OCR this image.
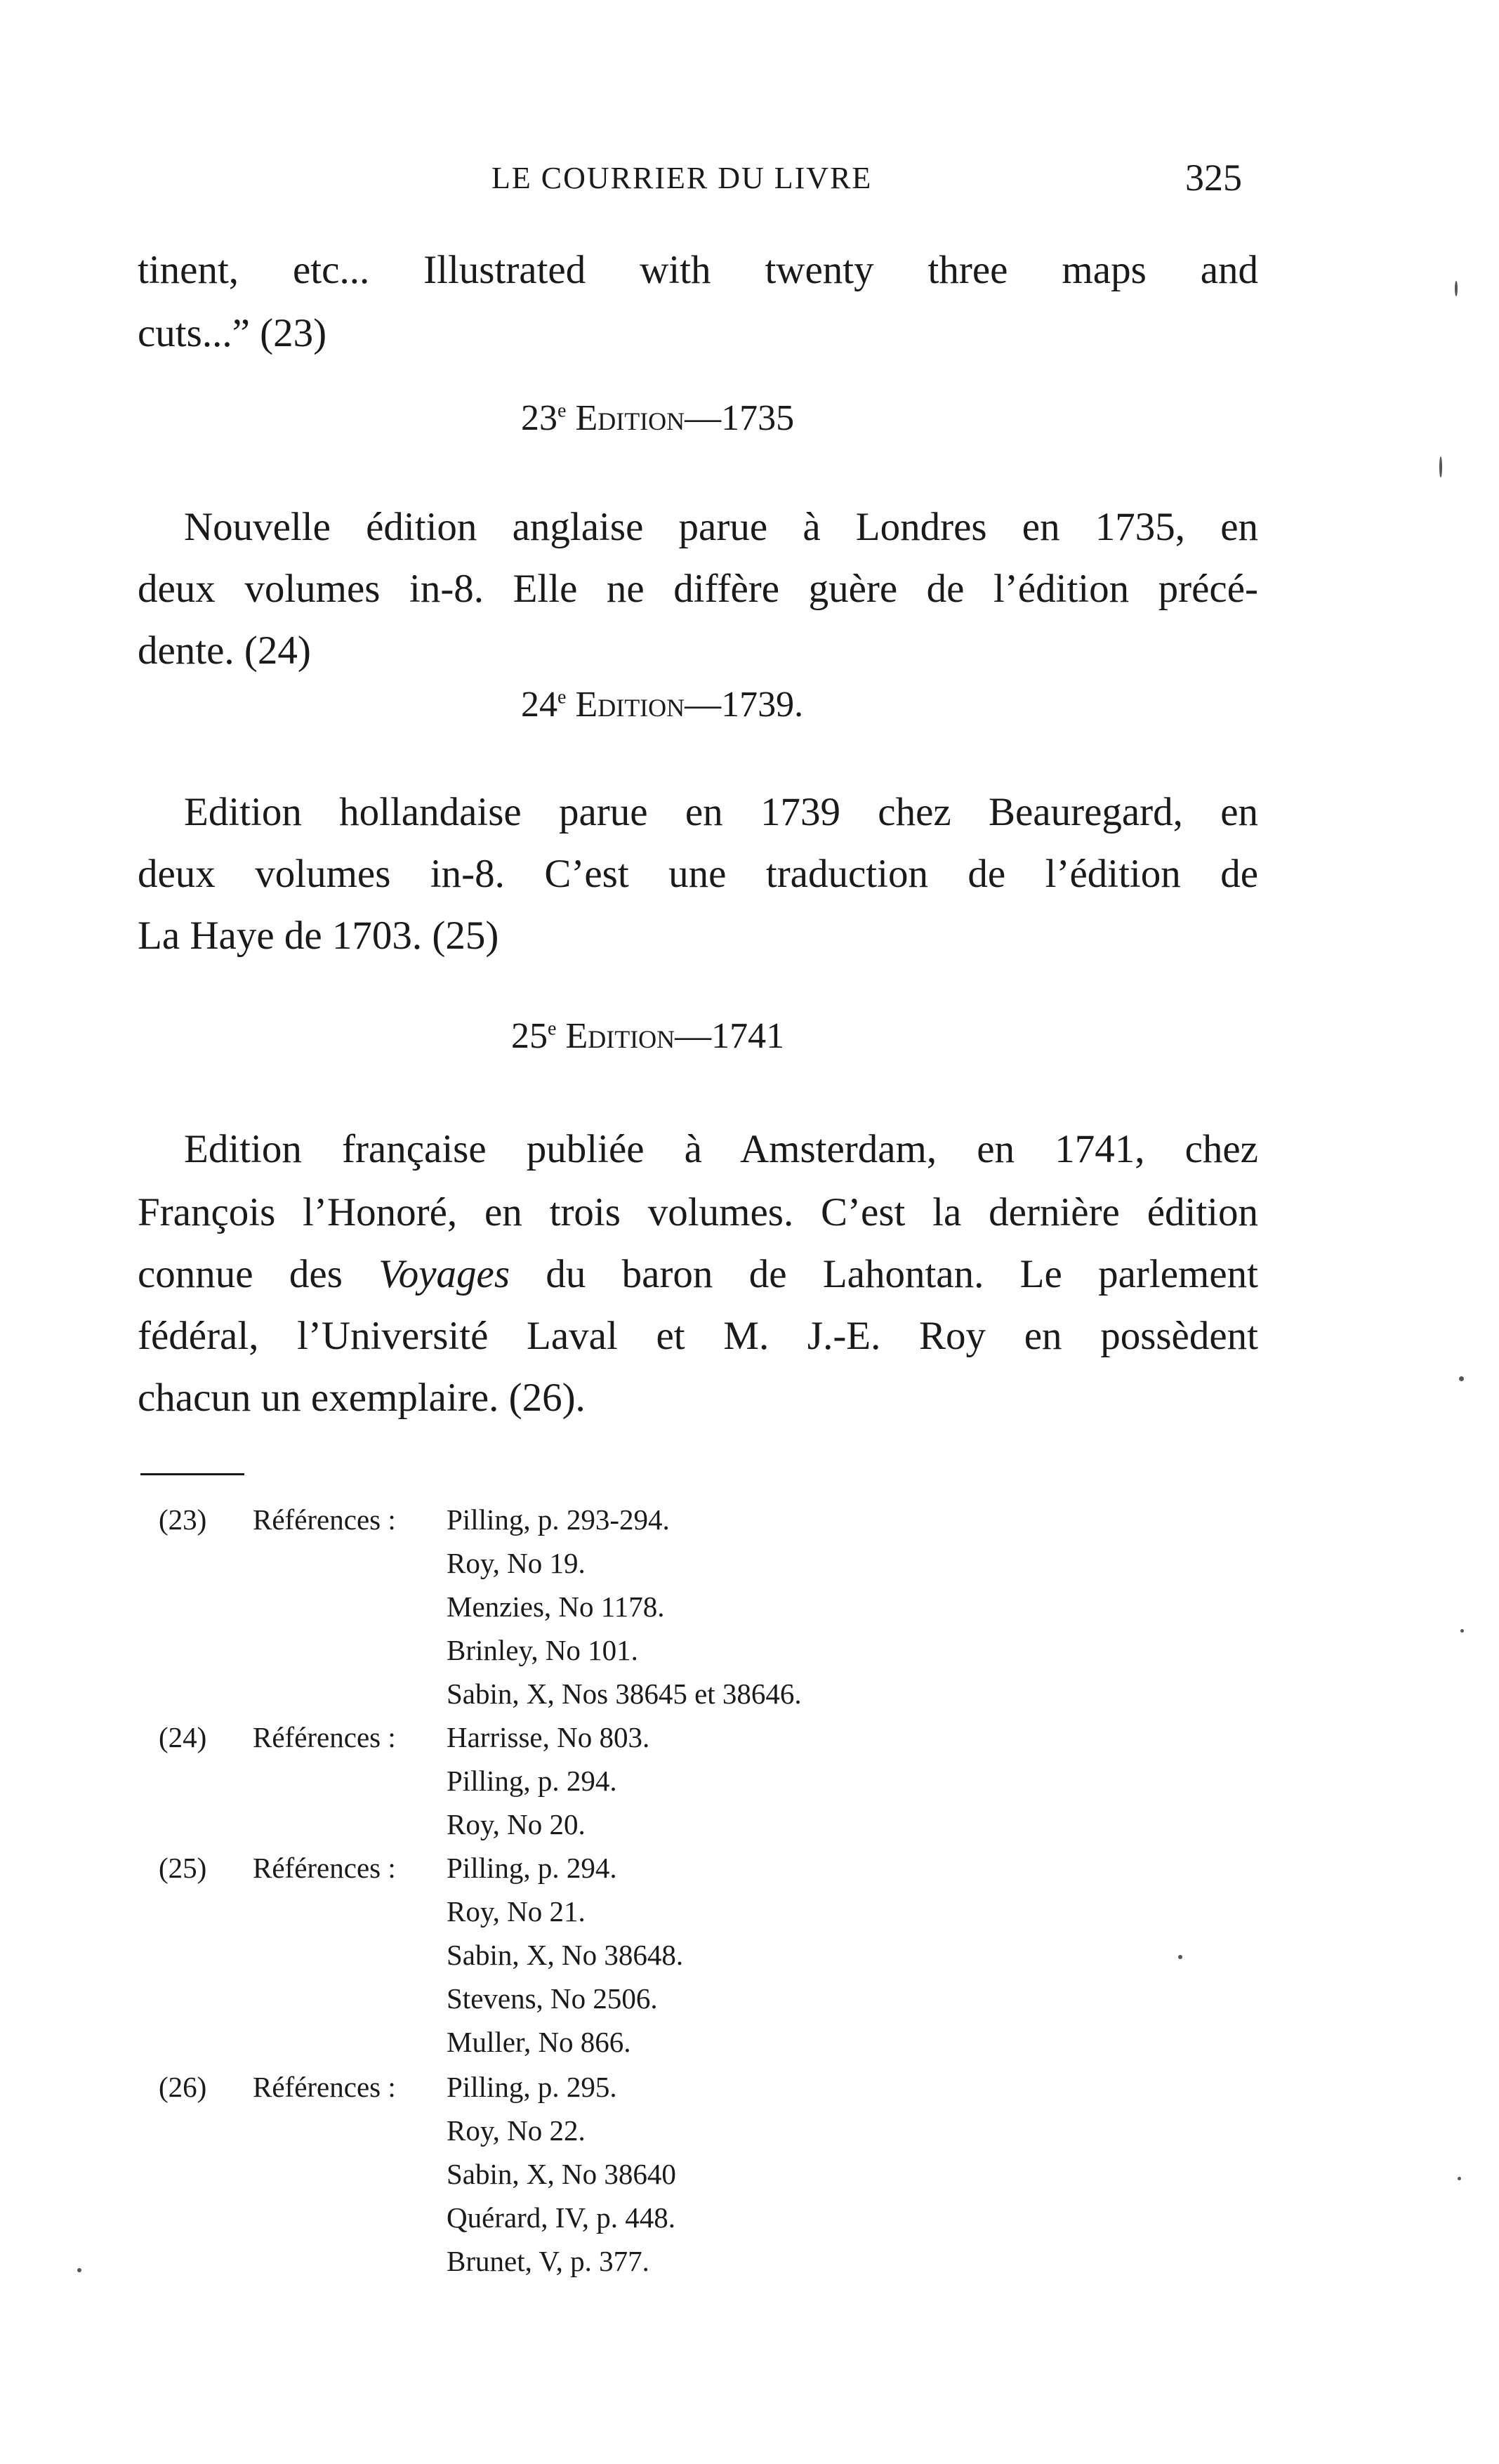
LE COURRIER DU LIVRE	325
tinent, etc... Illustrated with twenty three maps and
cuts...” (23)
23e Edition—1735
Nouvelle édition anglaise parue à Londres en 1735, en
deux volumes in-8. Elle ne diffère guère de l’édition précé-
dente. (24)
24e Edition—1739.
Edition hollandaise parue en 1739 chez Beauregard, en
deux volumes in-8. C’est une traduction de l’édition de
La Haye de 1703. (25)
25e Edition—1741
Edition française publiée à Amsterdam, en 1741, chez
François l’Honoré, en trois volumes. C’est la dernière édition
connue des Voyages du baron de Lahontan. Le parlement
fédéral, l’Université Laval et M. J.-E. Roy en possèdent
chacun un exemplaire. (26).
(23) Références : Pilling, p. 293-294.
Roy, No 19.
Menzies, No 1178.
Brinley, No 101.
Sabin, X, Nos 38645 et 38646.
(24) Références : Harrisse, No 803.
Pilling, p. 294.
Roy, No 20.
(25) Références : Pilling, p. 294.
Roy, No 21.
Sabin, X, No 38648.
Stevens, No 2506.
Muller, No 866.
(26) Références : Pilling, p. 295.
Roy, No 22.
Sabin, X, No 38640
Quérard, IV, p. 448.
Brunet, V, p. 377.
